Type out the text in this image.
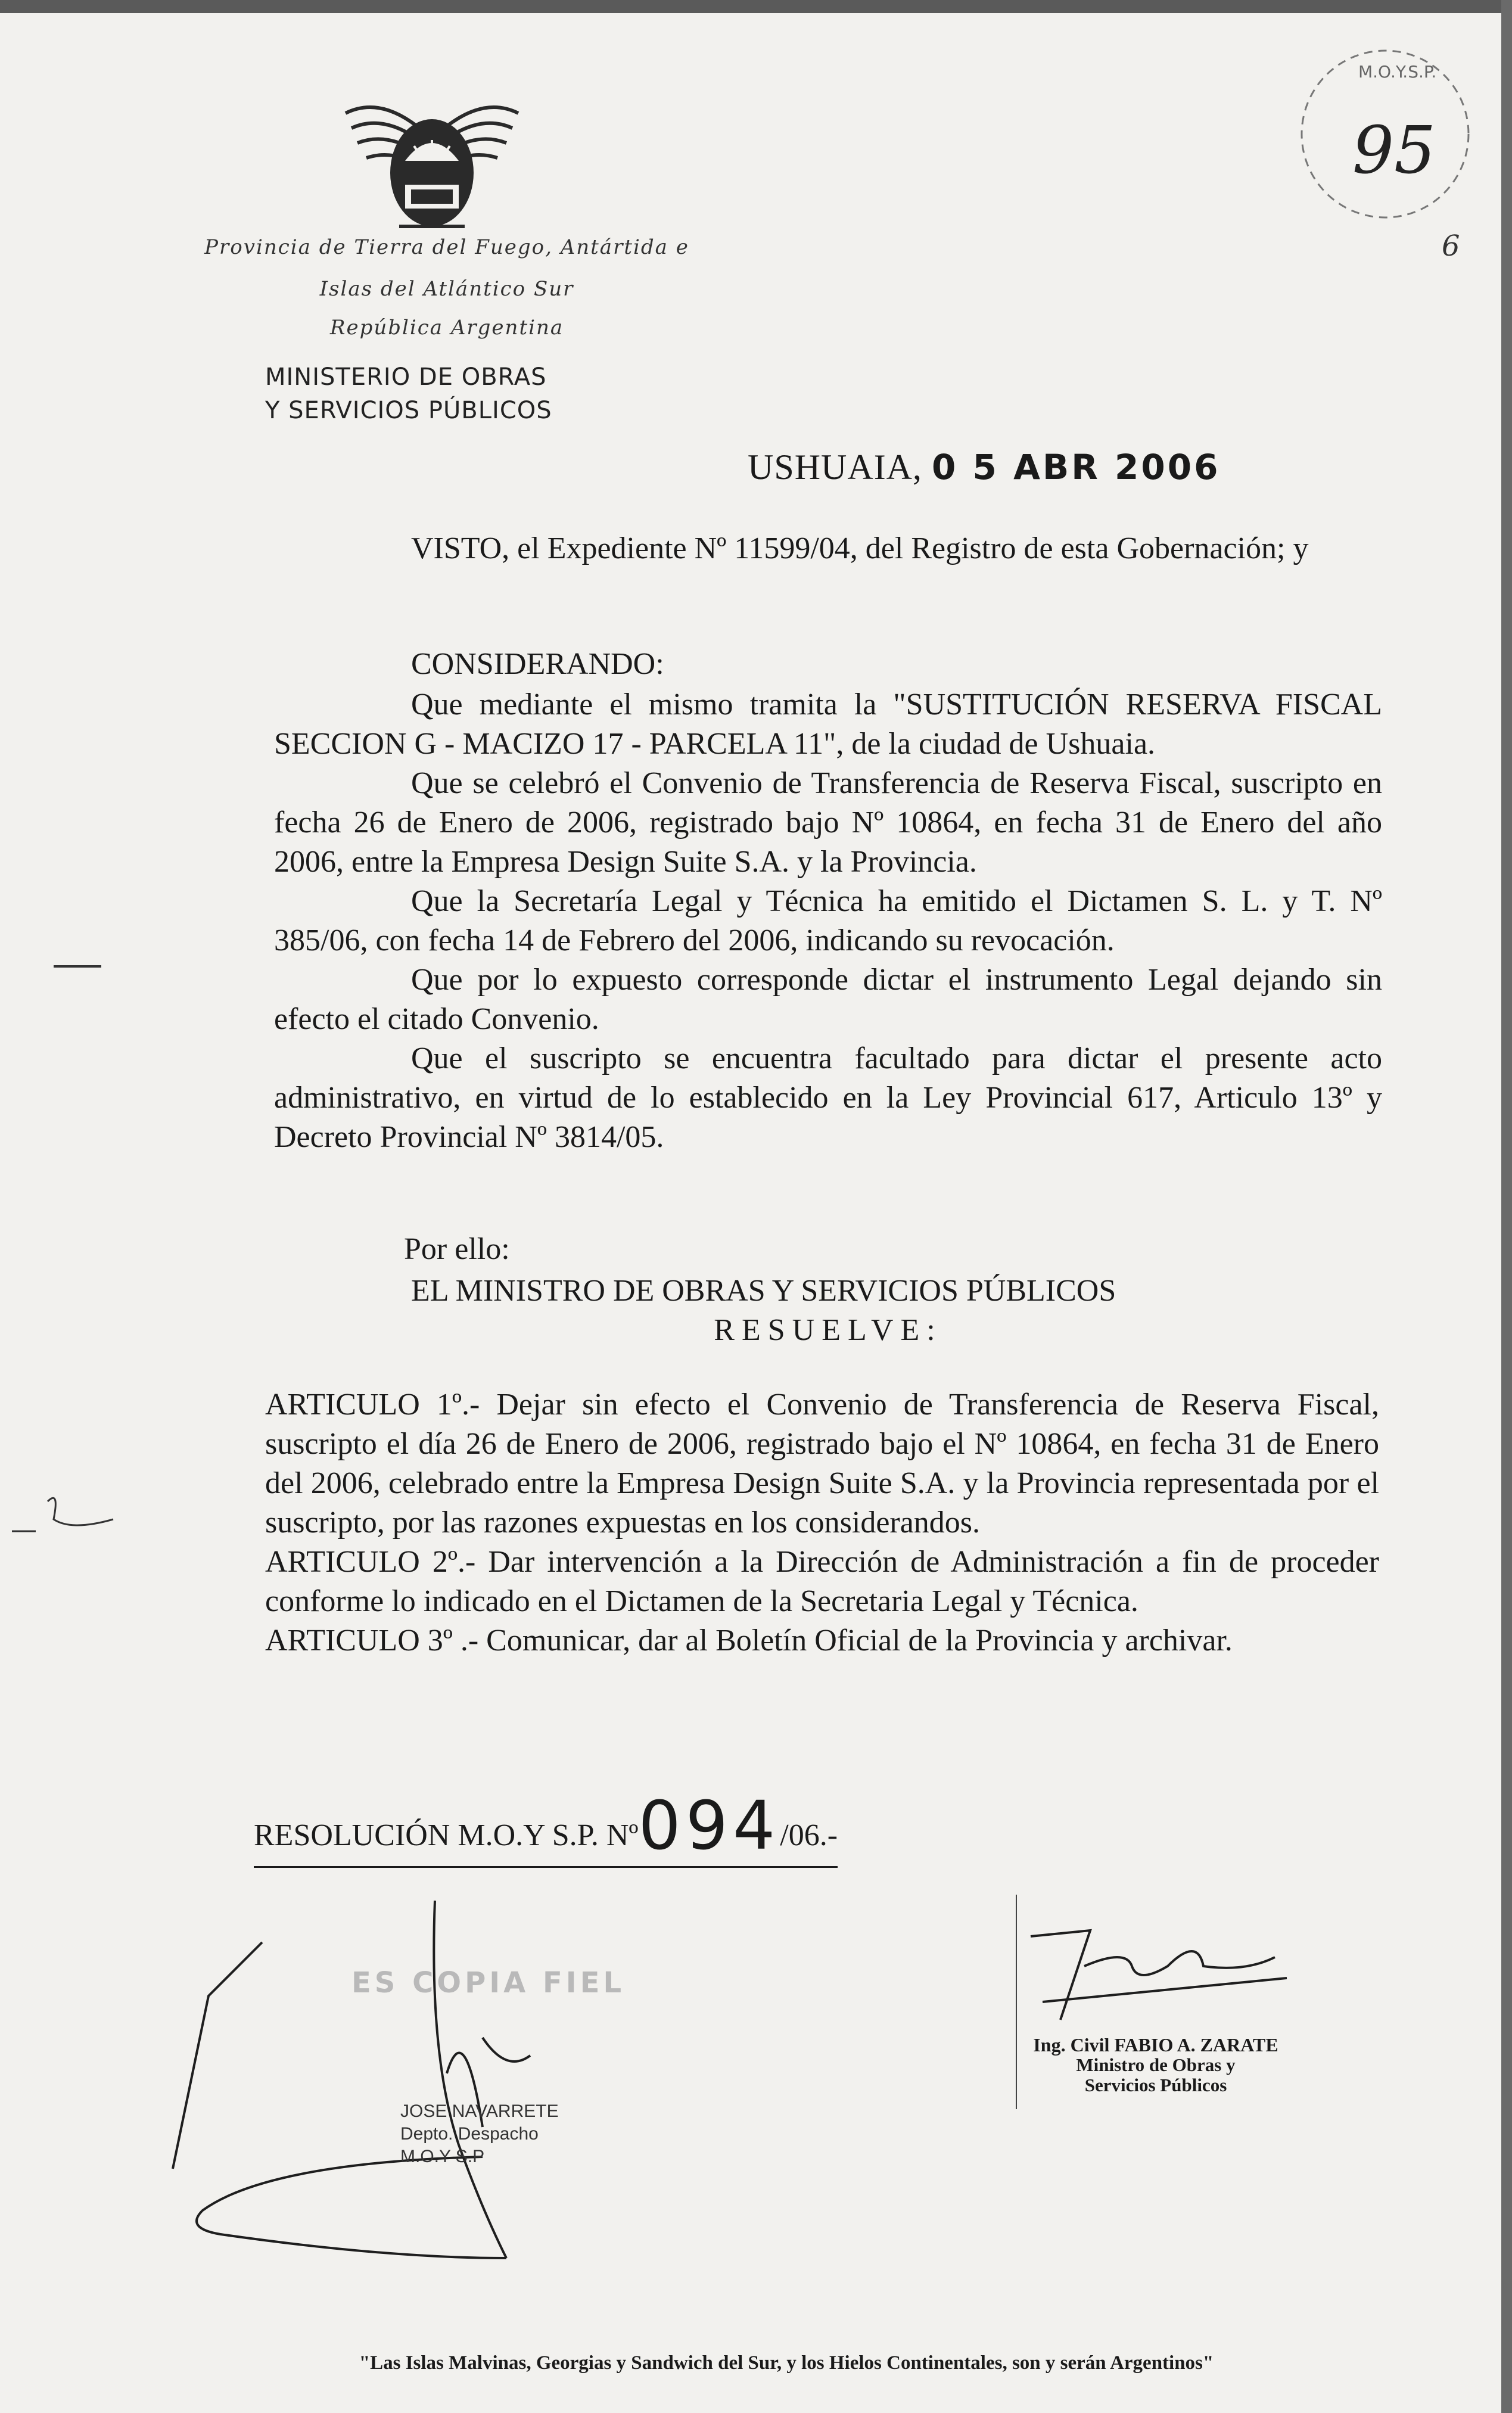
Provincia de Tierra del Fuego, Antártida e
Islas del Atlántico Sur
República Argentina
MINISTERIO DE OBRAS
Y SERVICIOS PÚBLICOS
M.O.Y.S.P.
95
6
USHUAIA, 0 5 ABR 2006
VISTO, el Expediente Nº 11599/04, del Registro de esta Gobernación; y
CONSIDERANDO:

Que mediante el mismo tramita la "SUSTITUCIÓN RESERVA FISCAL SECCION G - MACIZO 17 - PARCELA 11", de la ciudad de Ushuaia.

Que se celebró el Convenio de Transferencia de Reserva Fiscal, suscripto en fecha 26 de Enero de 2006, registrado bajo Nº 10864, en fecha 31 de Enero del año 2006, entre la Empresa Design Suite S.A. y la Provincia.

Que la Secretaría Legal y Técnica ha emitido el Dictamen S. L. y T. Nº 385/06, con fecha 14 de Febrero del 2006, indicando su revocación.

Que por lo expuesto corresponde dictar el instrumento Legal dejando sin efecto el citado Convenio.

Que el suscripto se encuentra facultado para dictar el presente acto administrativo, en virtud de lo establecido en la Ley Provincial 617, Articulo 13º y Decreto Provincial Nº 3814/05.

Por ello:
EL MINISTRO DE OBRAS Y SERVICIOS PÚBLICOS
RESUELVE:

ARTICULO 1º.- Dejar sin efecto el Convenio de Transferencia de Reserva Fiscal, suscripto el día 26 de Enero de 2006, registrado bajo el Nº 10864, en fecha 31 de Enero del 2006, celebrado entre la Empresa Design Suite S.A. y la Provincia representada por el suscripto, por las razones expuestas en los considerandos.

ARTICULO 2º.- Dar intervención a la Dirección de Administración a fin de proceder conforme lo indicado en el Dictamen de la Secretaria Legal y Técnica.

ARTICULO 3º .- Comunicar, dar al Boletín Oficial de la Provincia y archivar.

RESOLUCIÓN M.O.Y S.P. Nº094/06.-
ES COPIA FIEL
JOSE NAVARRETE
Depto. Despacho
M.O.Y S.P
Ing. Civil FABIO A. ZARATE
Ministro de Obras y
Servicios Públicos
"Las Islas Malvinas, Georgias y Sandwich del Sur, y los Hielos Continentales, son y serán Argentinos"
